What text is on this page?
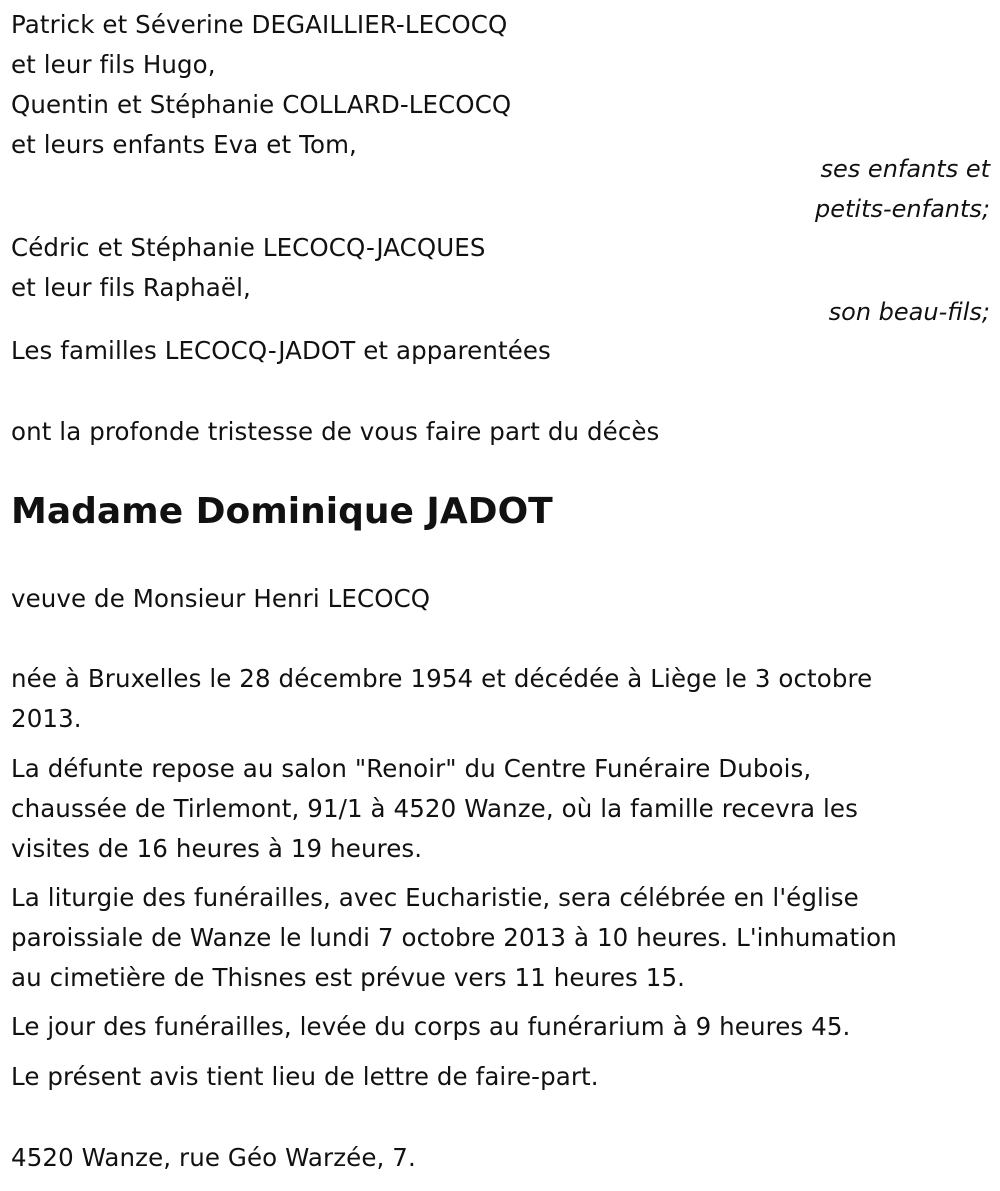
Patrick et Séverine DEGAILLIER-LECOCQ
et leur fils Hugo,
Quentin et Stéphanie COLLARD-LECOCQ
et leurs enfants Eva et Tom,
ses enfants et
petits-enfants;
Cédric et Stéphanie LECOCQ-JACQUES
et leur fils Raphaël,
son beau-fils;
Les familles LECOCQ-JADOT et apparentées
ont la profonde tristesse de vous faire part du décès
Madame Dominique JADOT
veuve de Monsieur Henri LECOCQ
née à Bruxelles le 28 décembre 1954 et décédée à Liège le 3 octobre
2013.
La défunte repose au salon "Renoir" du Centre Funéraire Dubois,
chaussée de Tirlemont, 91/1 à 4520 Wanze, où la famille recevra les
visites de 16 heures à 19 heures.
La liturgie des funérailles, avec Eucharistie, sera célébrée en l'église
paroissiale de Wanze le lundi 7 octobre 2013 à 10 heures. L'inhumation
au cimetière de Thisnes est prévue vers 11 heures 15.
Le jour des funérailles, levée du corps au funérarium à 9 heures 45.
Le présent avis tient lieu de lettre de faire-part.
4520 Wanze, rue Géo Warzée, 7.
